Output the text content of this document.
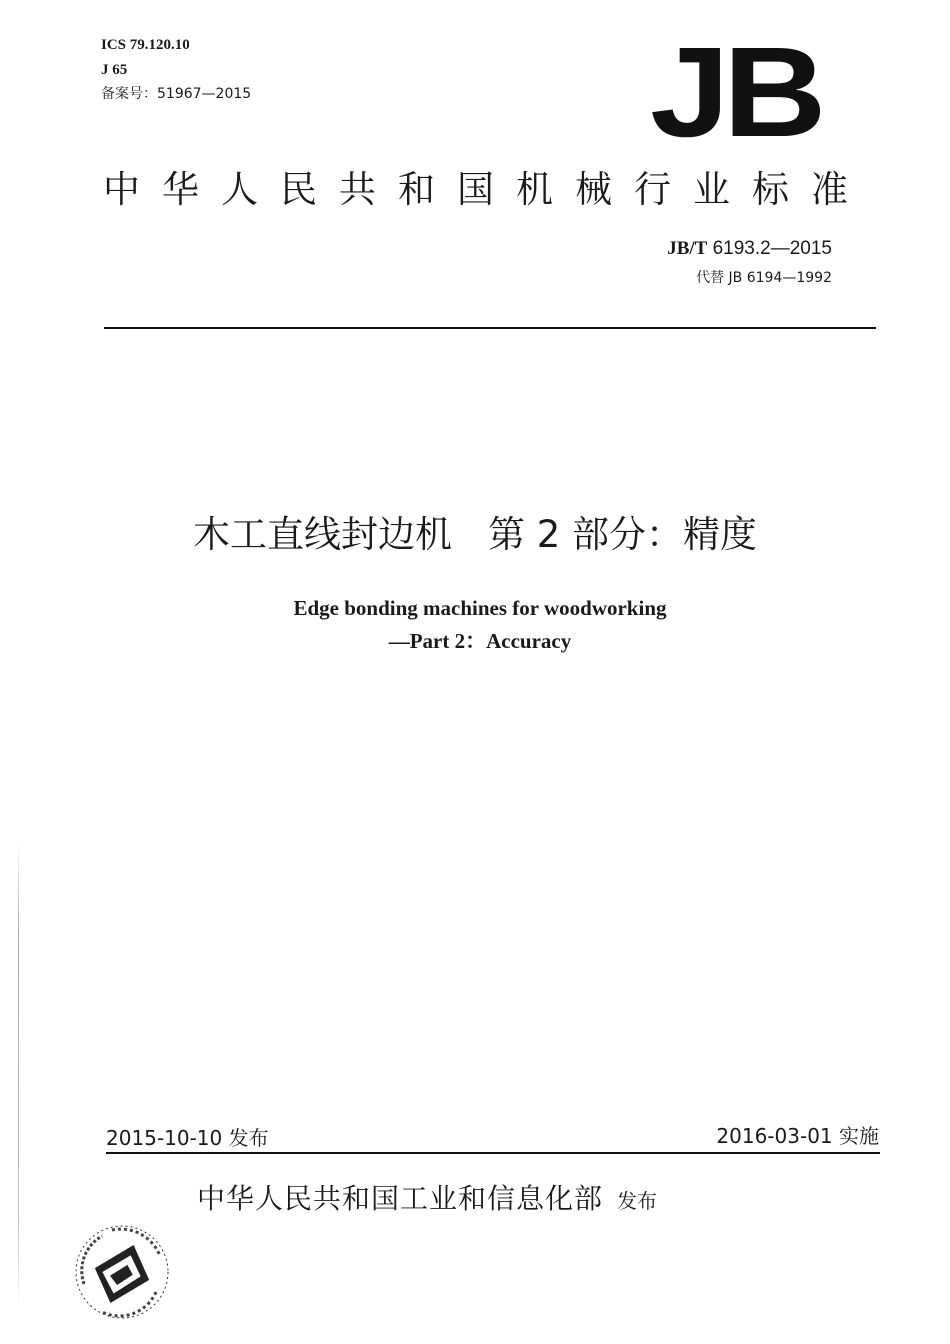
ICS 79.120.10
J 65
备案号：51967—2015	JB
中华人民共和国机械行业标准
JB/T 6193.2—2015
代替 JB 6194—1992
木工直线封边机 第 2 部分：精度
Edge bonding machines for woodworking
—Part 2：Accuracy
2015-10-10 发布	2016-03-01 实施
中华人民共和国工业和信息化部 发布
